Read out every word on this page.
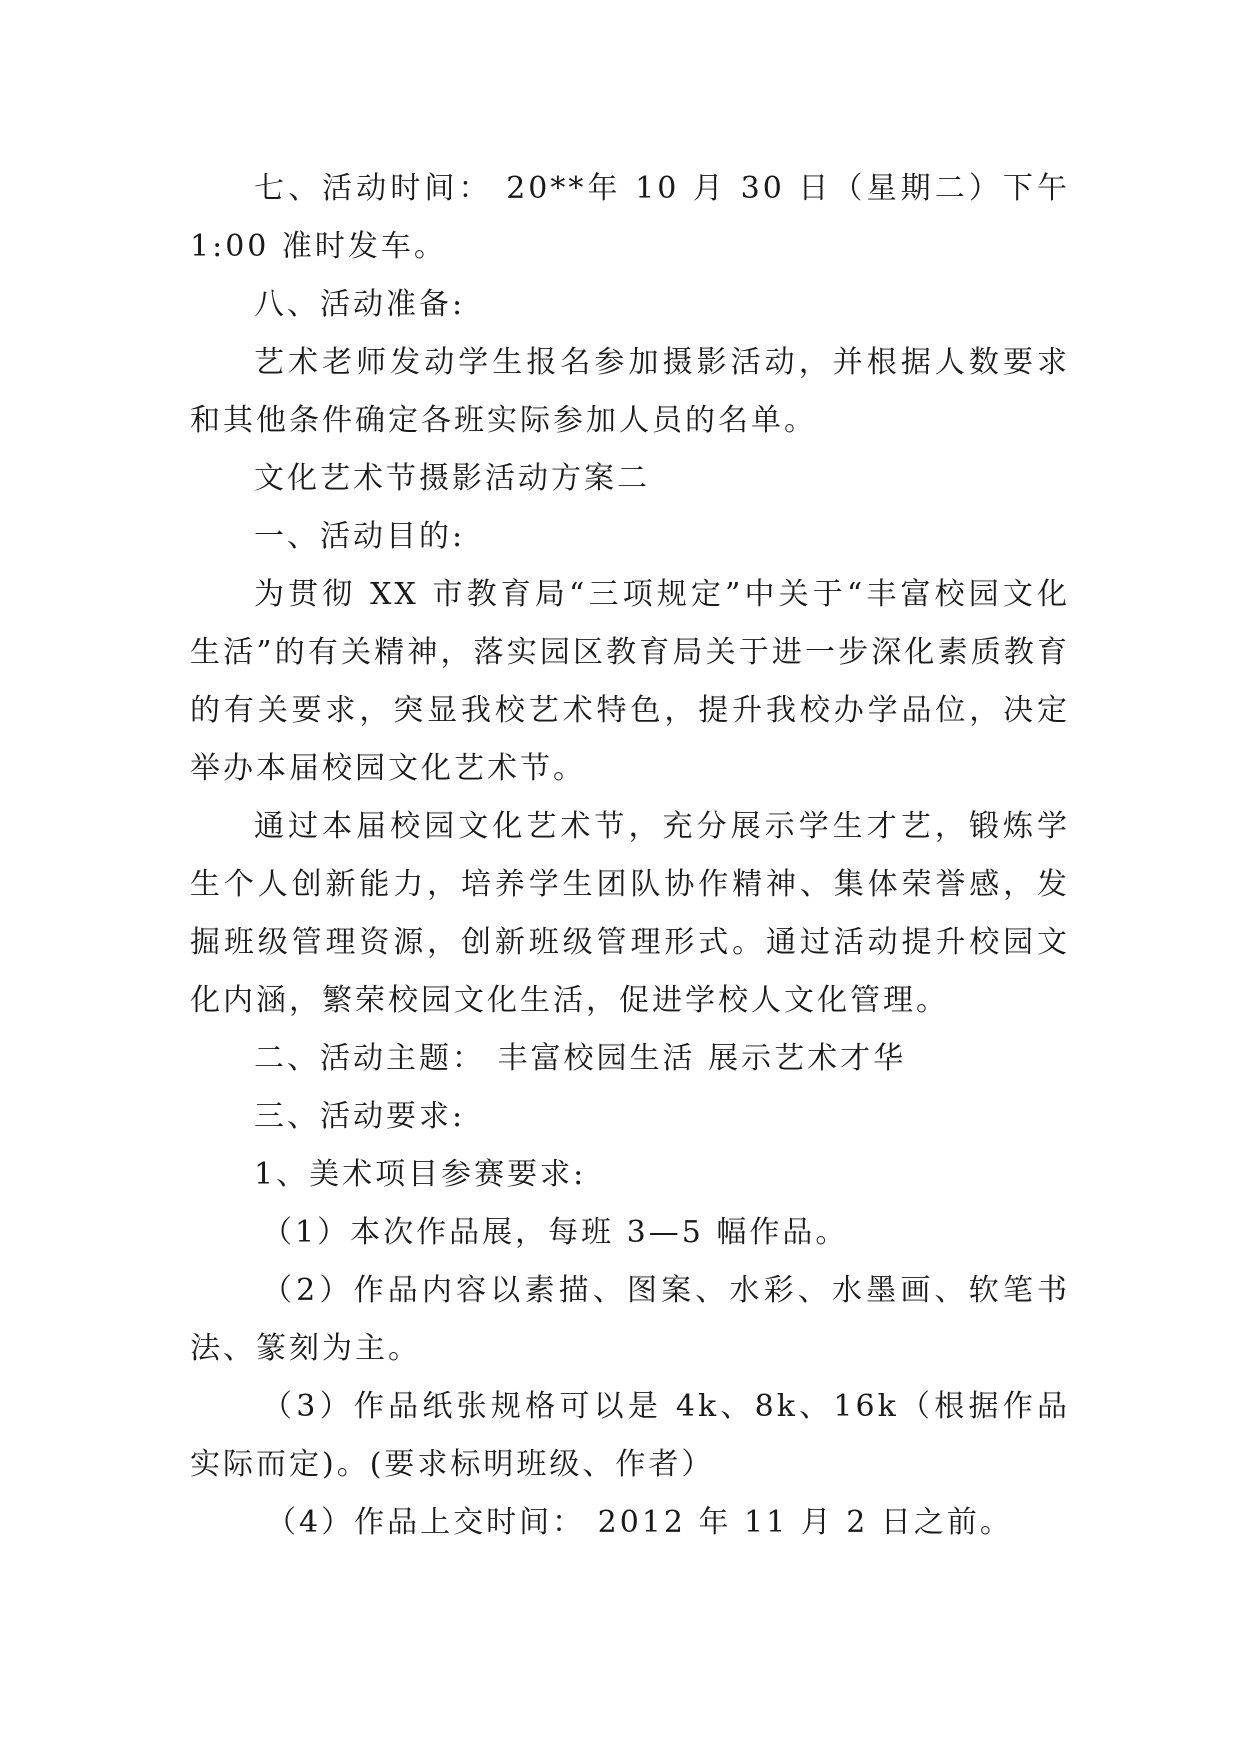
七、活动时间： 20**年 10 月 30 日（星期二）下午 1:00 准时发车。

八、活动准备:

艺术老师发动学生报名参加摄影活动，并根据人数要求和其他条件确定各班实际参加人员的名单。

文化艺术节摄影活动方案二

一、活动目的:

为贯彻 XX 市教育局“三项规定”中关于“丰富校园文化生活”的有关精神，落实园区教育局关于进一步深化素质教育的有关要求，突显我校艺术特色，提升我校办学品位，决定举办本届校园文化艺术节。

通过本届校园文化艺术节，充分展示学生才艺，锻炼学生个人创新能力，培养学生团队协作精神、集体荣誉感，发掘班级管理资源，创新班级管理形式。通过活动提升校园文化内涵，繁荣校园文化生活，促进学校人文化管理。

二、活动主题： 丰富校园生活 展示艺术才华

三、活动要求:

1、美术项目参赛要求:

（1）本次作品展，每班 3—5 幅作品。

（2）作品内容以素描、图案、水彩、水墨画、软笔书法、篆刻为主。

（3）作品纸张规格可以是 4k、8k、16k（根据作品实际而定)。(要求标明班级、作者）

（4）作品上交时间： 2012 年 11 月 2 日之前。
